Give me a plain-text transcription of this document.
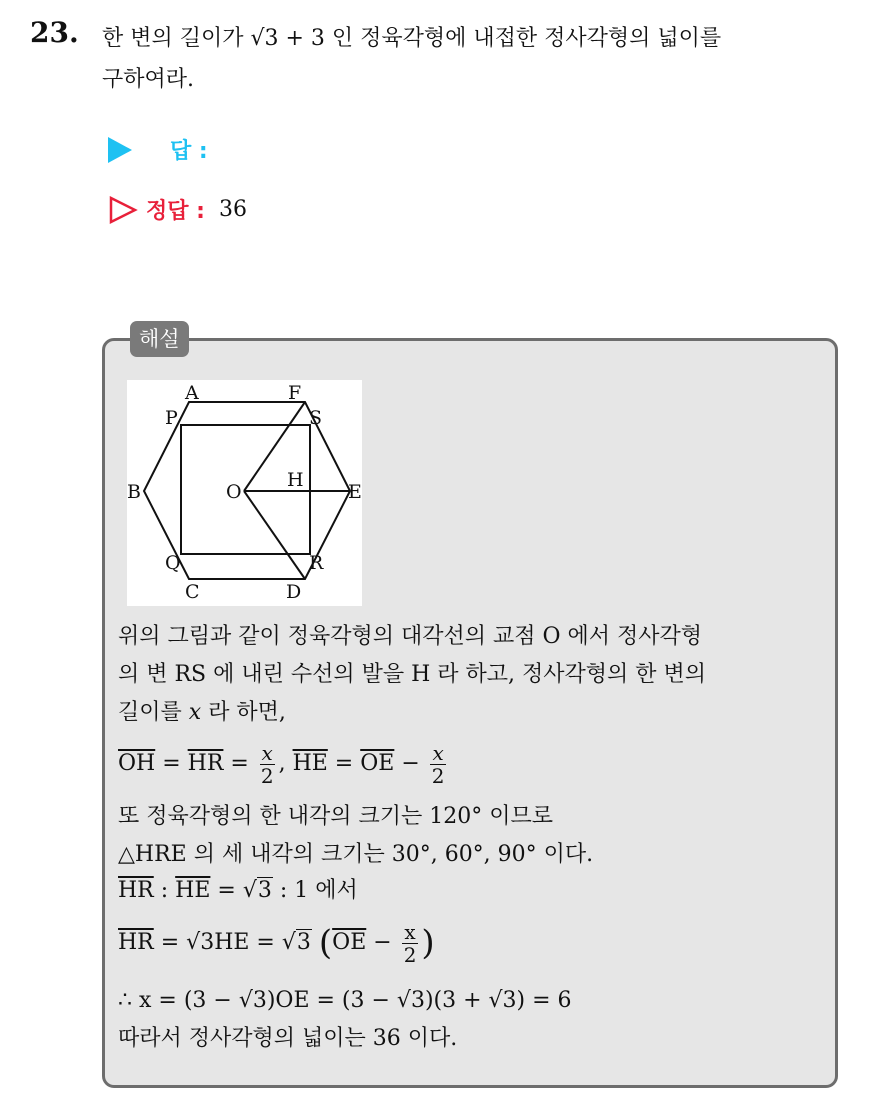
23. 한 변의 길이가 √3 + 3 인 정육각형에 내접한 정사각형의 넓이를
구하여라.
답 :
정답 : 36
해설
A	F
P	S
B	O
H
E
Q	R
C	D
위의 그림과 같이 정육각형의 대각선의 교점 O 에서 정사각형
의 변 RS 에 내린 수선의 발을 H 라 하고, 정사각형의 한 변의
길이를 x 라 하면,
$\overline{OH} = \overline{HR} = \frac{x}{2}$ , $\overline{HE} = \overline{OE} - \frac{x}{2}$
또 정육각형의 한 내각의 크기는 120° 이므로
△HRE 의 세 내각의 크기는 30°, 60°, 90° 이다.
$\overline{HR}$ : $\overline{HE} = √3$ : 1 에서
$\overline{HR} = √3HE = √3$ ($\overline{OE} - \frac{x}{2}$ )
∴ x = (3 − √3)OE = (3 − √3)(3 + √3) = 6
따라서 정사각형의 넓이는 36 이다.
